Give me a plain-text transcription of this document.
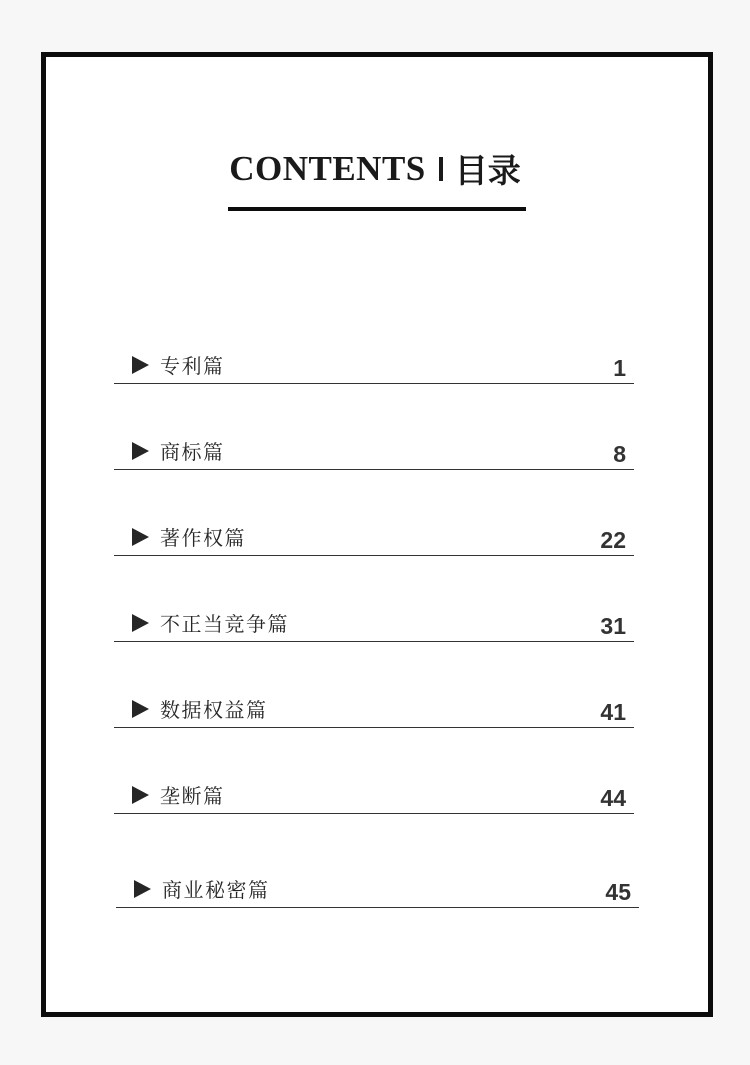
CONTENTS 目录
专利篇	1
商标篇	8
著作权篇	22
不正当竞争篇	31
数据权益篇	41
垄断篇	44
商业秘密篇	45
